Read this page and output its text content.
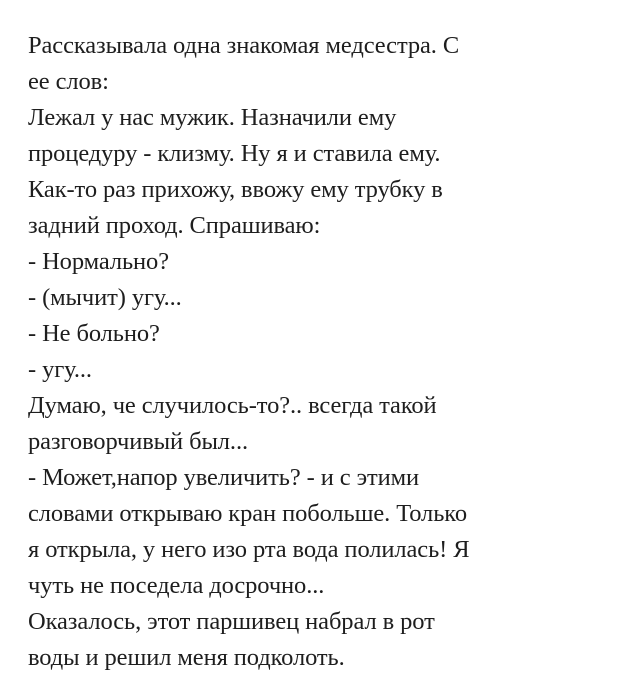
Рассказывала одна знакомая медсестра. С
ее слов:
Лежал у нас мужик. Назначили ему
процедуру - клизму. Ну я и ставила ему.
Как-то раз прихожу, ввожу ему трубку в
задний проход. Спрашиваю:
- Нормально?
- (мычит) угу...
- Не больно?
- угу...
Думаю, че случилось-то?.. всегда такой
разговорчивый был...
- Может,напор увеличить? - и с этими
словами открываю кран побольше. Только
я открыла, у него изо рта вода полилась! Я
чуть не поседела досрочно...
Оказалось, этот паршивец набрал в рот
воды и решил меня подколоть.
